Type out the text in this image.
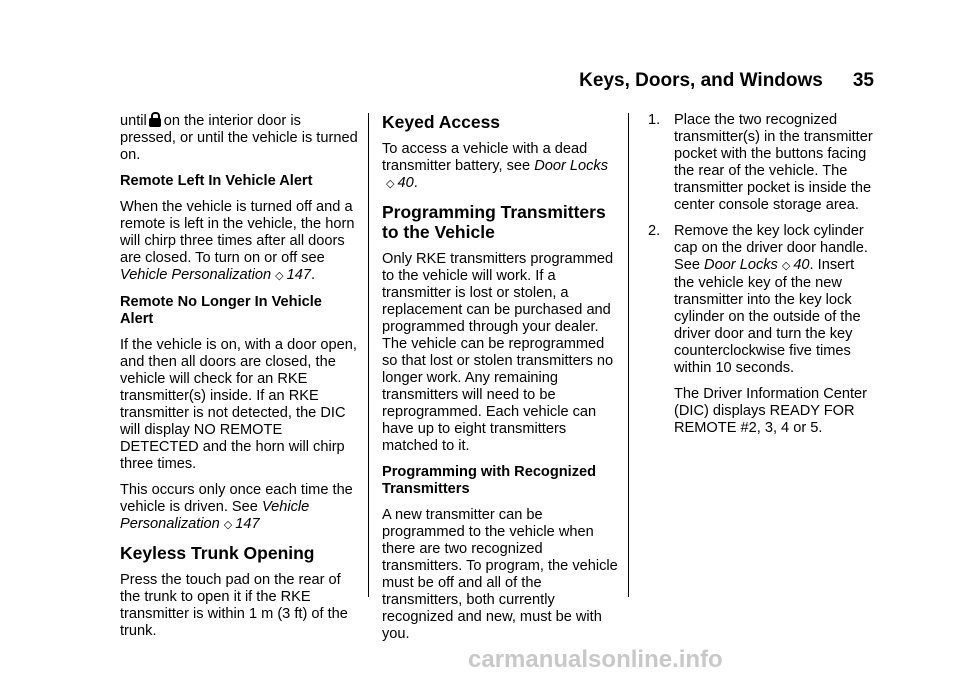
Keys, Doors, and Windows 35

until on the interior door is pressed, or until the vehicle is turned on.

Remote Left In Vehicle Alert

When the vehicle is turned off and a remote is left in the vehicle, the horn will chirp three times after all doors are closed. To turn on or off see Vehicle Personalization ◇ 147.

Remote No Longer In Vehicle Alert

If the vehicle is on, with a door open, and then all doors are closed, the vehicle will check for an RKE transmitter(s) inside. If an RKE transmitter is not detected, the DIC will display NO REMOTE DETECTED and the horn will chirp three times.

This occurs only once each time the vehicle is driven. See Vehicle Personalization ◇ 147

Keyless Trunk Opening

Press the touch pad on the rear of the trunk to open it if the RKE transmitter is within 1 m (3 ft) of the trunk.

Keyed Access

To access a vehicle with a dead transmitter battery, see Door Locks◇ 40.

Programming Transmitters to the Vehicle

Only RKE transmitters programmed to the vehicle will work. If a transmitter is lost or stolen, a replacement can be purchased and programmed through your dealer. The vehicle can be reprogrammed so that lost or stolen transmitters no longer work. Any remaining transmitters will need to be reprogrammed. Each vehicle can have up to eight transmitters matched to it.

Programming with Recognized Transmitters

A new transmitter can be programmed to the vehicle when there are two recognized transmitters. To program, the vehicle must be off and all of the transmitters, both currently recognized and new, must be with you.

1. Place the two recognized transmitter(s) in the transmitter pocket with the buttons facing the rear of the vehicle. The transmitter pocket is inside the center console storage area.

2. Remove the key lock cylinder cap on the driver door handle. See Door Locks ◇ 40. Insert the vehicle key of the new transmitter into the key lock cylinder on the outside of the driver door and turn the key counterclockwise five times within 10 seconds.

The Driver Information Center (DIC) displays READY FOR REMOTE #2, 3, 4 or 5.

carmanualsonline.info
